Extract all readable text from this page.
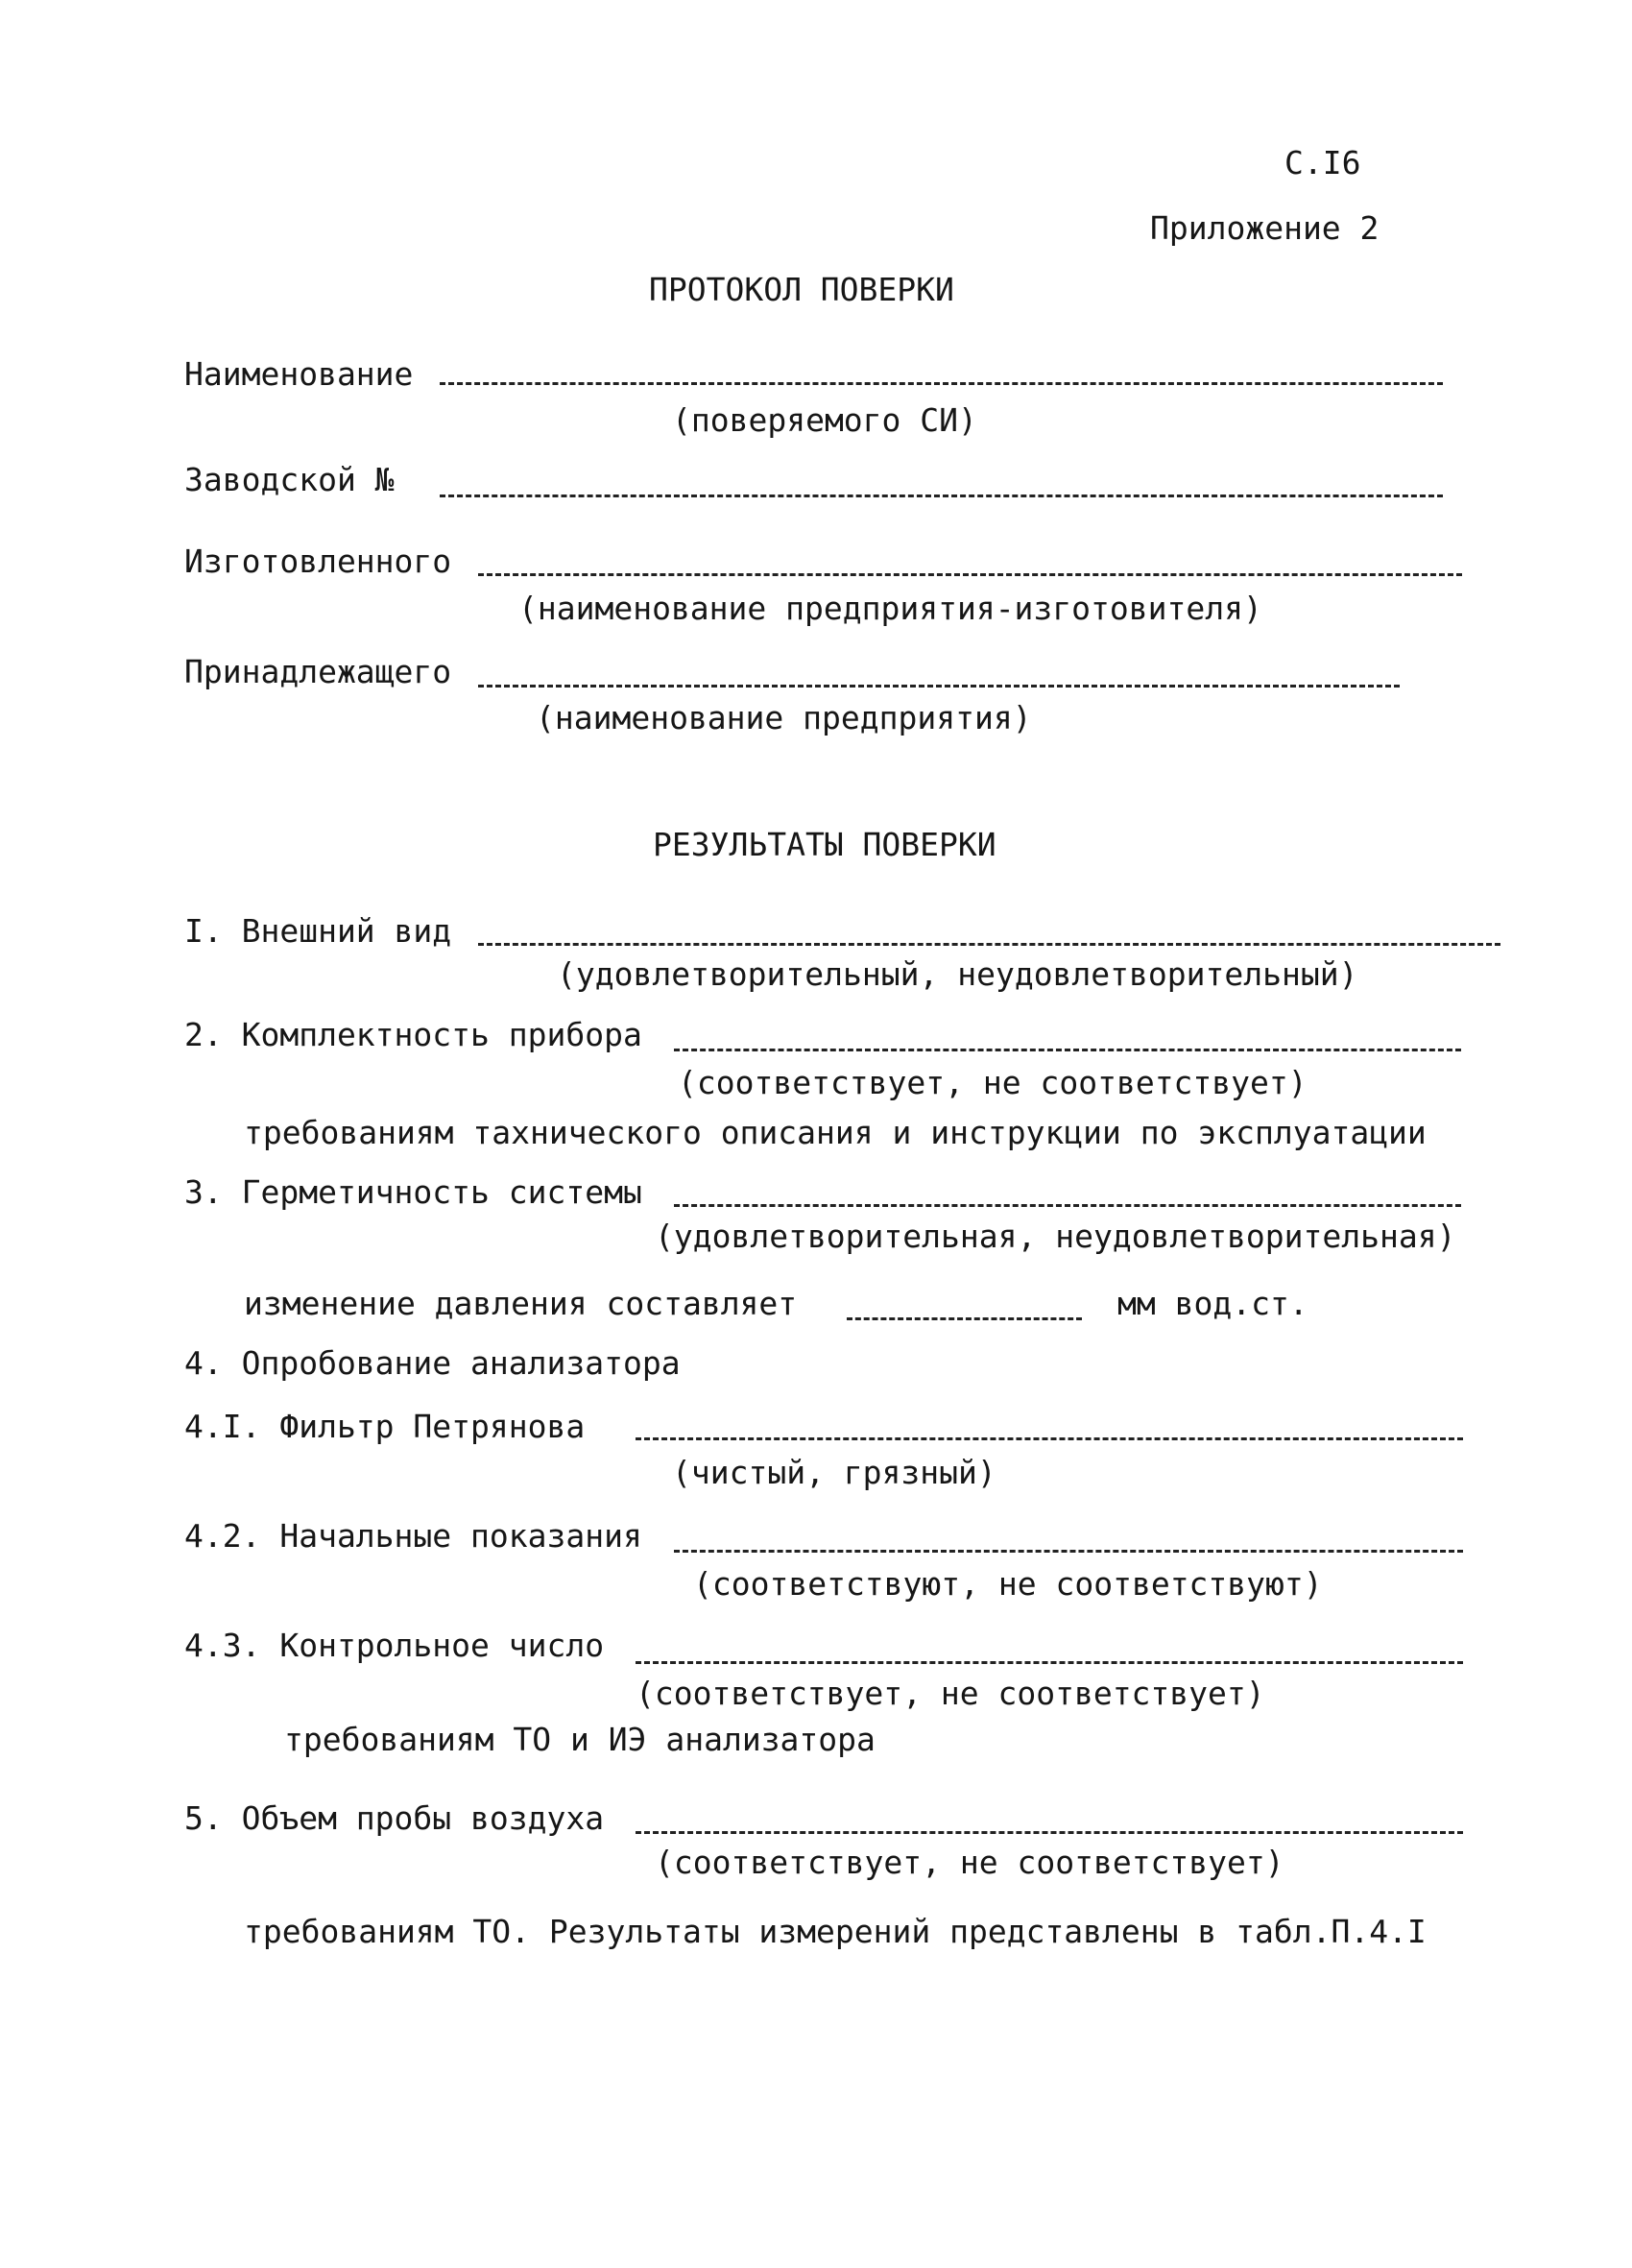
С.I6
Приложение 2
ПРОТОКОЛ ПОВЕРКИ
Наименование
(поверяемого СИ)
Заводской №
Изготовленного
(наименование предприятия-изготовителя)
Принадлежащего
(наименование предприятия)
РЕЗУЛЬТАТЫ ПОВЕРКИ
I. Внешний вид
(удовлетворительный, неудовлетворительный)
2. Комплектность прибора
(соответствует, не соответствует)
требованиям тахнического описания и инструкции по эксплуатации
3. Герметичность системы
(удовлетворительная, неудовлетворительная)
изменение давления составляет	мм вод.ст.
4. Опробование анализатора
4.I. Фильтр Петрянова
(чистый, грязный)
4.2. Начальные показания
(соответствуют, не соответствуют)
4.3. Контрольное число
(соответствует, не соответствует)
требованиям ТО и ИЭ анализатора
5. Объем пробы воздуха
(соответствует, не соответствует)
требованиям ТО. Результаты измерений представлены в табл.П.4.I
